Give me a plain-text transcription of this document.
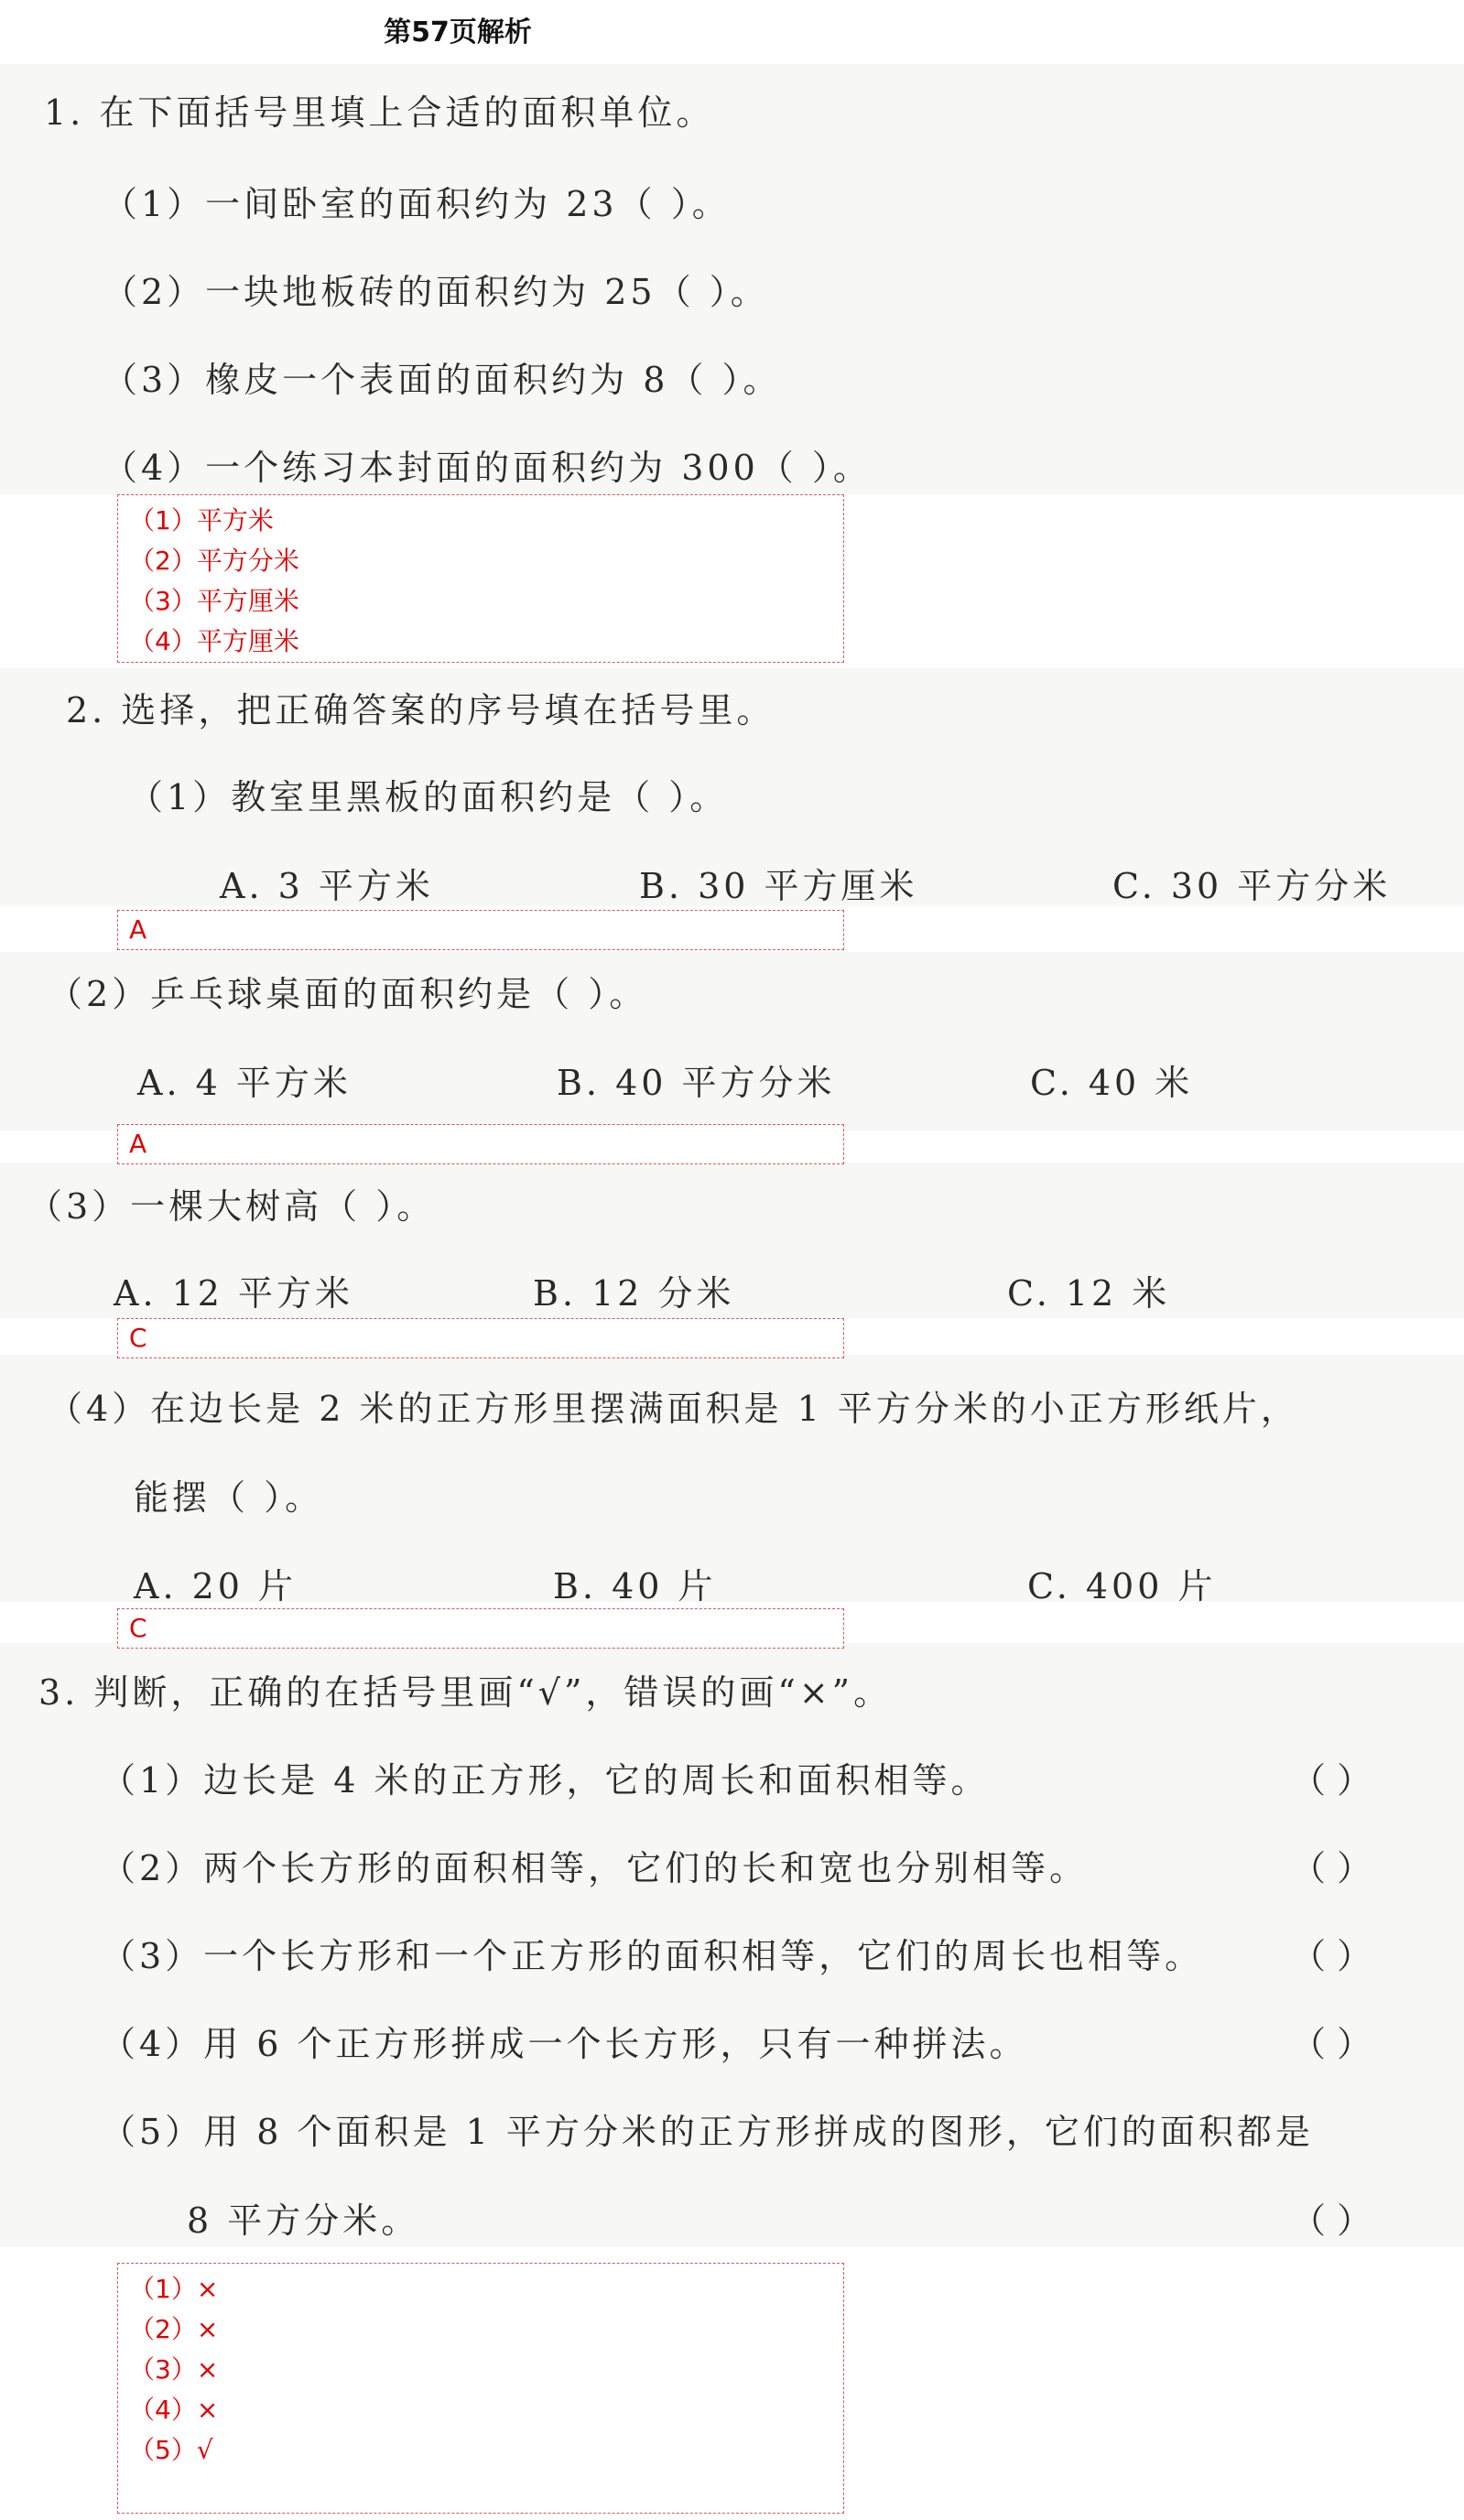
第57页解析
1. 在下面括号里填上合适的面积单位。
（1）一间卧室的面积约为 23（ ）。
（2）一块地板砖的面积约为 25（ ）。
（3）橡皮一个表面的面积约为 8（ ）。
（4）一个练习本封面的面积约为 300（ ）。
（1）平方米
（2）平方分米
（3）平方厘米
（4）平方厘米
2. 选择，把正确答案的序号填在括号里。
（1）教室里黑板的面积约是（ ）。
A. 3 平方米	B. 30 平方厘米	C. 30 平方分米
A
（2）乒乓球桌面的面积约是（ ）。
A. 4 平方米	B. 40 平方分米	C. 40 米
A
（3）一棵大树高（ ）。
A. 12 平方米	B. 12 分米	C. 12 米
C
（4）在边长是 2 米的正方形里摆满面积是 1 平方分米的小正方形纸片，
能摆（ ）。
A. 20 片	B. 40 片	C. 400 片
C
3. 判断，正确的在括号里画“√”，错误的画“×”。
（1）边长是 4 米的正方形，它的周长和面积相等。	（ ）
（2）两个长方形的面积相等，它们的长和宽也分别相等。	（ ）
（3）一个长方形和一个正方形的面积相等，它们的周长也相等。	（ ）
（4）用 6 个正方形拼成一个长方形，只有一种拼法。	（ ）
（5）用 8 个面积是 1 平方分米的正方形拼成的图形，它们的面积都是
8 平方分米。	（ ）
（1）×
（2）×
（3）×
（4）×
（5）√
